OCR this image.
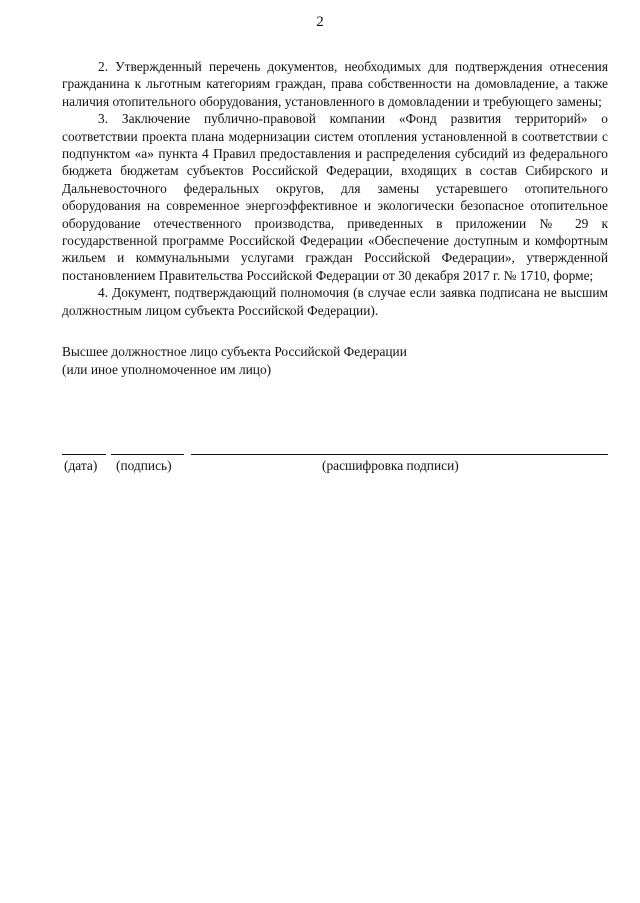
2

2. Утвержденный перечень документов, необходимых для подтверждения отнесения гражданина к льготным категориям граждан, права собственности на домовладение, а также наличия отопительного оборудования, установленного в домовладении и требующего замены;

3. Заключение публично-правовой компании «Фонд развития территорий» о соответствии проекта плана модернизации систем отопления установленной в соответствии с подпунктом «а» пункта 4 Правил предоставления и распределения субсидий из федерального бюджета бюджетам субъектов Российской Федерации, входящих в состав Сибирского и Дальневосточного федеральных округов, для замены устаревшего отопительного оборудования на современное энергоэффективное и экологически безопасное отопительное оборудование отечественного производства, приведенных в приложении № 29 к государственной программе Российской Федерации «Обеспечение доступным и комфортным жильем и коммунальными услугами граждан Российской Федерации», утвержденной постановлением Правительства Российской Федерации от 30 декабря 2017 г. № 1710, форме;

4. Документ, подтверждающий полномочия (в случае если заявка подписана не высшим должностным лицом субъекта Российской Федерации).

Высшее должностное лицо субъекта Российской Федерации
(или иное уполномоченное им лицо)
(дата) (подпись)	(расшифровка подписи)
